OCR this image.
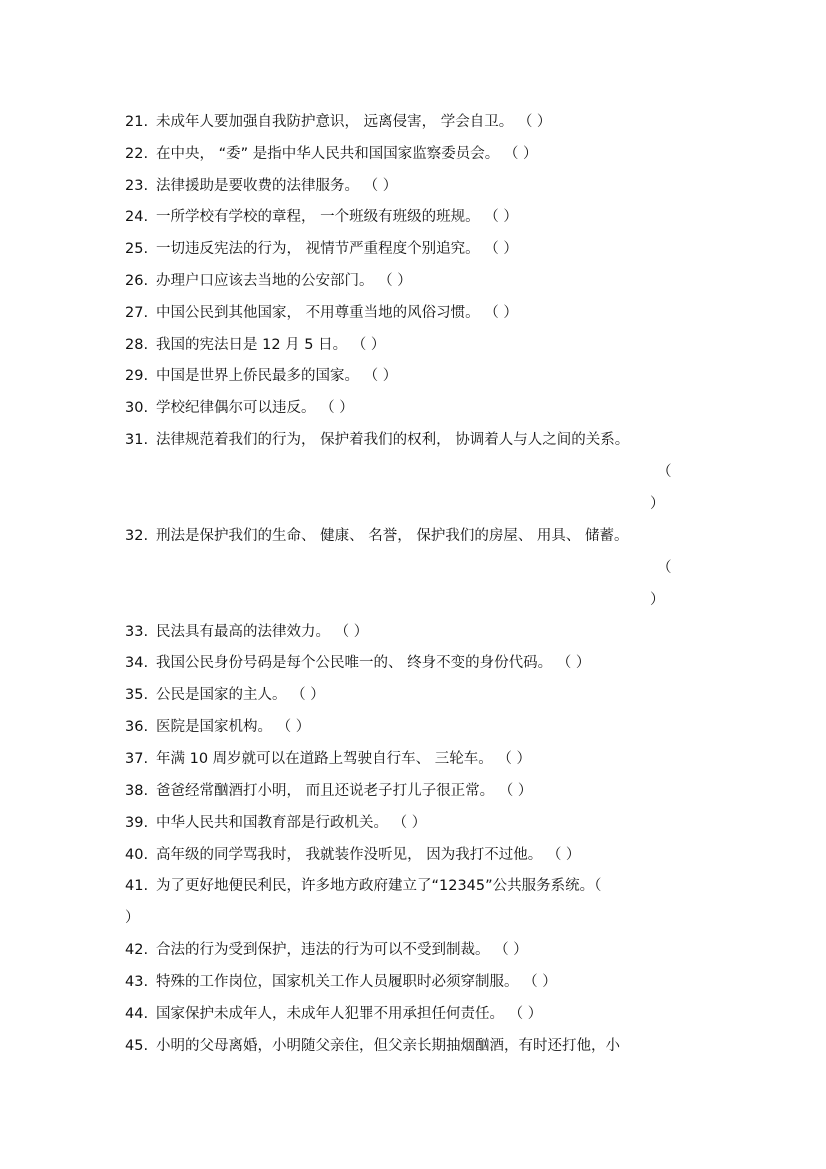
21. 未成年人要加强自我防护意识， 远离侵害， 学会自卫。 （ ）
22. 在中央， “委” 是指中华人民共和国国家监察委员会。 （ ）
23. 法律援助是要收费的法律服务。 （ ）
24. 一所学校有学校的章程， 一个班级有班级的班规。 （ ）
25. 一切违反宪法的行为， 视情节严重程度个别追究。 （ ）
26. 办理户口应该去当地的公安部门。 （ ）
27. 中国公民到其他国家， 不用尊重当地的风俗习惯。 （ ）
28. 我国的宪法日是 12 月 5 日。 （ ）
29. 中国是世界上侨民最多的国家。 （ ）
30. 学校纪律偶尔可以违反。 （ ）
31. 法律规范着我们的行为， 保护着我们的权利， 协调着人与人之间的关系。
（
）
32. 刑法是保护我们的生命、 健康、 名誉， 保护我们的房屋、 用具、 储蓄。
（
）
33. 民法具有最高的法律效力。 （ ）
34. 我国公民身份号码是每个公民唯一的、 终身不变的身份代码。 （ ）
35. 公民是国家的主人。 （ ）
36. 医院是国家机构。 （ ）
37. 年满 10 周岁就可以在道路上驾驶自行车、 三轮车。 （ ）
38. 爸爸经常酗酒打小明， 而且还说老子打儿子很正常。 （ ）
39. 中华人民共和国教育部是行政机关。 （ ）
40. 高年级的同学骂我时， 我就装作没听见， 因为我打不过他。 （ ）
41. 为了更好地便民利民，许多地方政府建立了“12345”公共服务系统。（
）
42. 合法的行为受到保护，违法的行为可以不受到制裁。 （ ）
43. 特殊的工作岗位，国家机关工作人员履职时必须穿制服。 （ ）
44. 国家保护未成年人，未成年人犯罪不用承担任何责任。 （ ）
45. 小明的父母离婚，小明随父亲住，但父亲长期抽烟酗酒，有时还打他，小
